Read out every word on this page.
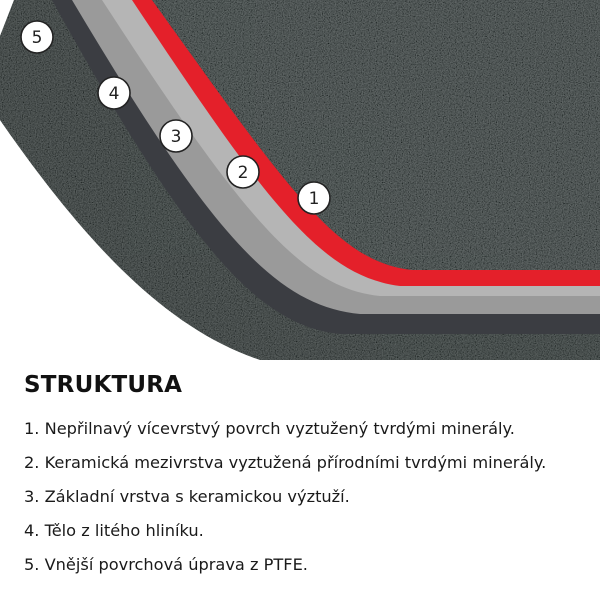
1
2
3
4
5
STRUKTURA
1. Nepřilnavý vícevrstvý povrch vyztužený tvrdými minerály.
2. Keramická mezivrstva vyztužená přírodními tvrdými minerály.
3. Základní vrstva s keramickou výztuží.
4. Tělo z litého hliníku.
5. Vnější povrchová úprava z PTFE.
